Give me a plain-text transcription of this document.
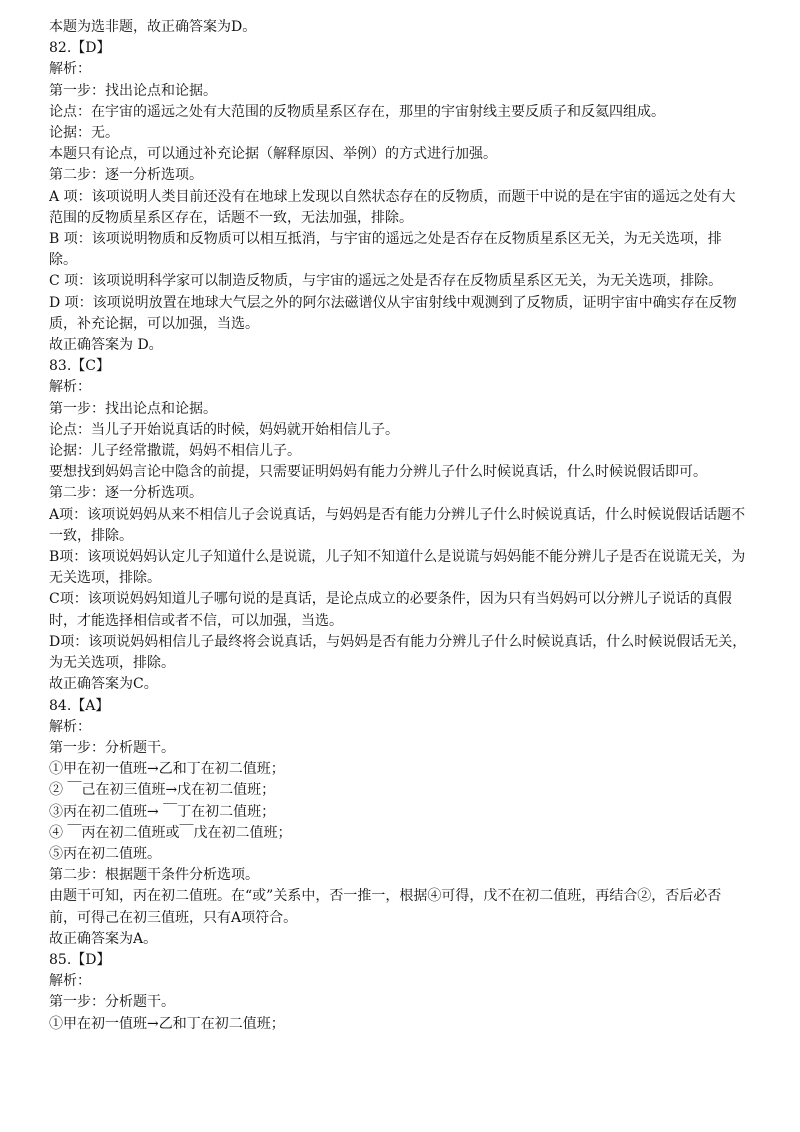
本题为选非题，故正确答案为D。
82.【D】
解析：
第一步：找出论点和论据。
论点：在宇宙的遥远之处有大范围的反物质星系区存在，那里的宇宙射线主要反质子和反氦四组成。
论据：无。
本题只有论点，可以通过补充论据（解释原因、举例）的方式进行加强。
第二步：逐一分析选项。
A 项：该项说明人类目前还没有在地球上发现以自然状态存在的反物质，而题干中说的是在宇宙的遥远之处有大
范围的反物质星系区存在，话题不一致，无法加强，排除。
B 项：该项说明物质和反物质可以相互抵消，与宇宙的遥远之处是否存在反物质星系区无关，为无关选项，排
除。
C 项：该项说明科学家可以制造反物质，与宇宙的遥远之处是否存在反物质星系区无关，为无关选项，排除。
D 项：该项说明放置在地球大气层之外的阿尔法磁谱仪从宇宙射线中观测到了反物质，证明宇宙中确实存在反物
质，补充论据，可以加强，当选。
故正确答案为 D。
83.【C】
解析：
第一步：找出论点和论据。
论点：当儿子开始说真话的时候，妈妈就开始相信儿子。
论据：儿子经常撒谎，妈妈不相信儿子。
要想找到妈妈言论中隐含的前提，只需要证明妈妈有能力分辨儿子什么时候说真话，什么时候说假话即可。
第二步：逐一分析选项。
A项：该项说妈妈从来不相信儿子会说真话，与妈妈是否有能力分辨儿子什么时候说真话，什么时候说假话话题不
一致，排除。
B项：该项说妈妈认定儿子知道什么是说谎，儿子知不知道什么是说谎与妈妈能不能分辨儿子是否在说谎无关，为
无关选项，排除。
C项：该项说妈妈知道儿子哪句说的是真话，是论点成立的必要条件，因为只有当妈妈可以分辨儿子说话的真假
时，才能选择相信或者不信，可以加强，当选。
D项：该项说妈妈相信儿子最终将会说真话，与妈妈是否有能力分辨儿子什么时候说真话，什么时候说假话无关，
为无关选项，排除。
故正确答案为C。
84.【A】
解析：
第一步：分析题干。
①甲在初一值班→乙和丁在初二值班；
② ￣己在初三值班→戊在初二值班；
③丙在初二值班→ ￣丁在初二值班；
④ ￣丙在初二值班或￣戊在初二值班；
⑤丙在初二值班。
第二步：根据题干条件分析选项。
由题干可知，丙在初二值班。在“或”关系中，否一推一，根据④可得，戊不在初二值班，再结合②，否后必否
前，可得己在初三值班，只有A项符合。
故正确答案为A。
85.【D】
解析：
第一步：分析题干。
①甲在初一值班→乙和丁在初二值班；
